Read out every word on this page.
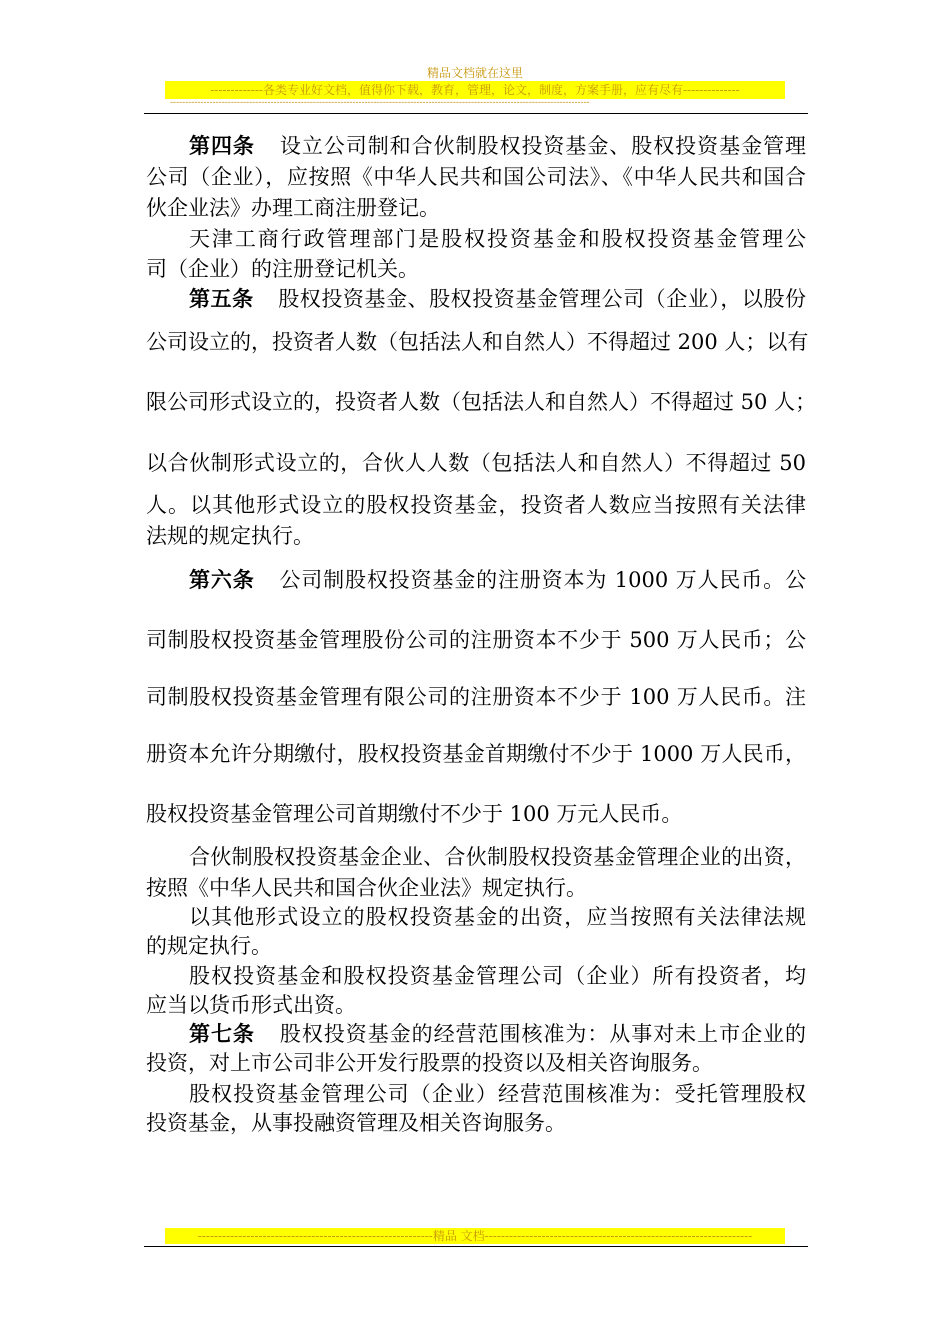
精品文档就在这里
-------------各类专业好文档，值得你下载，教育，管理，论文，制度，方案手册，应有尽有--------------
------------------------------------------------------------------------------------------------------------------------------------------
第四条 设立公司制和合伙制股权投资基金、股权投资基金管理
公司（企业），应按照《中华人民共和国公司法》、《中华人民共和国合
伙企业法》办理工商注册登记。
天津工商行政管理部门是股权投资基金和股权投资基金管理公
司（企业）的注册登记机关。
第五条 股权投资基金、股权投资基金管理公司（企业），以股份
公司设立的，投资者人数（包括法人和自然人）不得超过 200 人；以有
限公司形式设立的，投资者人数（包括法人和自然人）不得超过 50 人；
以合伙制形式设立的，合伙人人数（包括法人和自然人）不得超过 50
人。以其他形式设立的股权投资基金，投资者人数应当按照有关法律
法规的规定执行。
第六条 公司制股权投资基金的注册资本为 1000 万人民币。公
司制股权投资基金管理股份公司的注册资本不少于 500 万人民币；公
司制股权投资基金管理有限公司的注册资本不少于 100 万人民币。注
册资本允许分期缴付，股权投资基金首期缴付不少于 1000 万人民币，
股权投资基金管理公司首期缴付不少于 100 万元人民币。
合伙制股权投资基金企业、合伙制股权投资基金管理企业的出资，
按照《中华人民共和国合伙企业法》规定执行。
以其他形式设立的股权投资基金的出资，应当按照有关法律法规
的规定执行。
股权投资基金和股权投资基金管理公司（企业）所有投资者，均
应当以货币形式出资。
第七条 股权投资基金的经营范围核准为：从事对未上市企业的
投资，对上市公司非公开发行股票的投资以及相关咨询服务。
股权投资基金管理公司（企业）经营范围核准为：受托管理股权
投资基金，从事投融资管理及相关咨询服务。
----------------------------------------------------------精品 文档------------------------------------------------------------------
